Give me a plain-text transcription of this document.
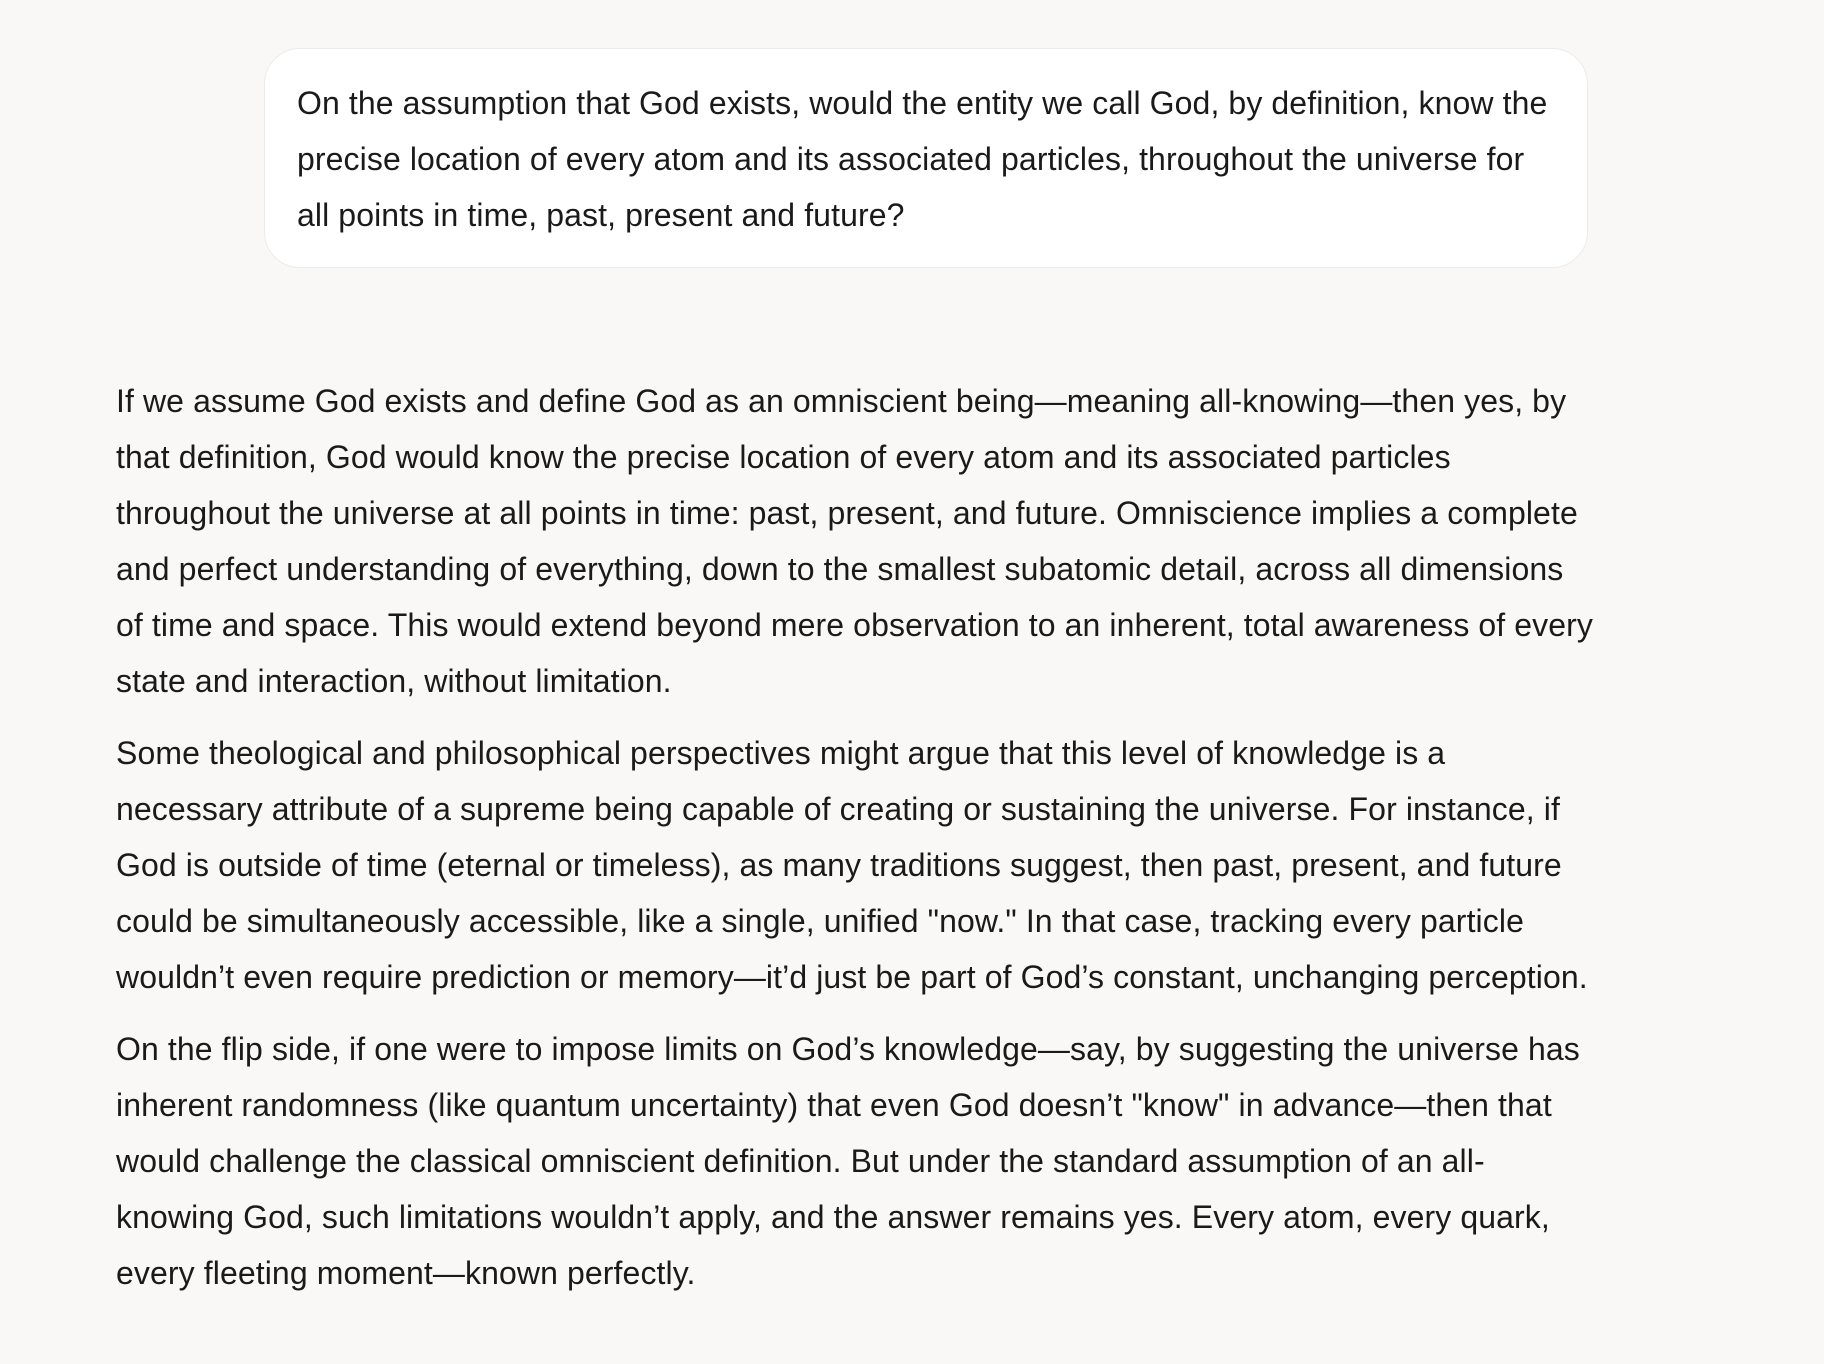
On the assumption that God exists, would the entity we call God, by definition, know the precise location of every atom and its associated particles, throughout the universe for all points in time, past, present and future?

If we assume God exists and define God as an omniscient being—meaning all-knowing—then yes, by that definition, God would know the precise location of every atom and its associated particles throughout the universe at all points in time: past, present, and future. Omniscience implies a complete and perfect understanding of everything, down to the smallest subatomic detail, across all dimensions of time and space. This would extend beyond mere observation to an inherent, total awareness of every state and interaction, without limitation.

Some theological and philosophical perspectives might argue that this level of knowledge is a necessary attribute of a supreme being capable of creating or sustaining the universe. For instance, if God is outside of time (eternal or timeless), as many traditions suggest, then past, present, and future could be simultaneously accessible, like a single, unified "now." In that case, tracking every particle wouldn’t even require prediction or memory—it’d just be part of God’s constant, unchanging perception.

On the flip side, if one were to impose limits on God’s knowledge—say, by suggesting the universe has inherent randomness (like quantum uncertainty) that even God doesn’t "know" in advance—then that would challenge the classical omniscient definition. But under the standard assumption of an all-knowing God, such limitations wouldn’t apply, and the answer remains yes. Every atom, every quark, every fleeting moment—known perfectly.
